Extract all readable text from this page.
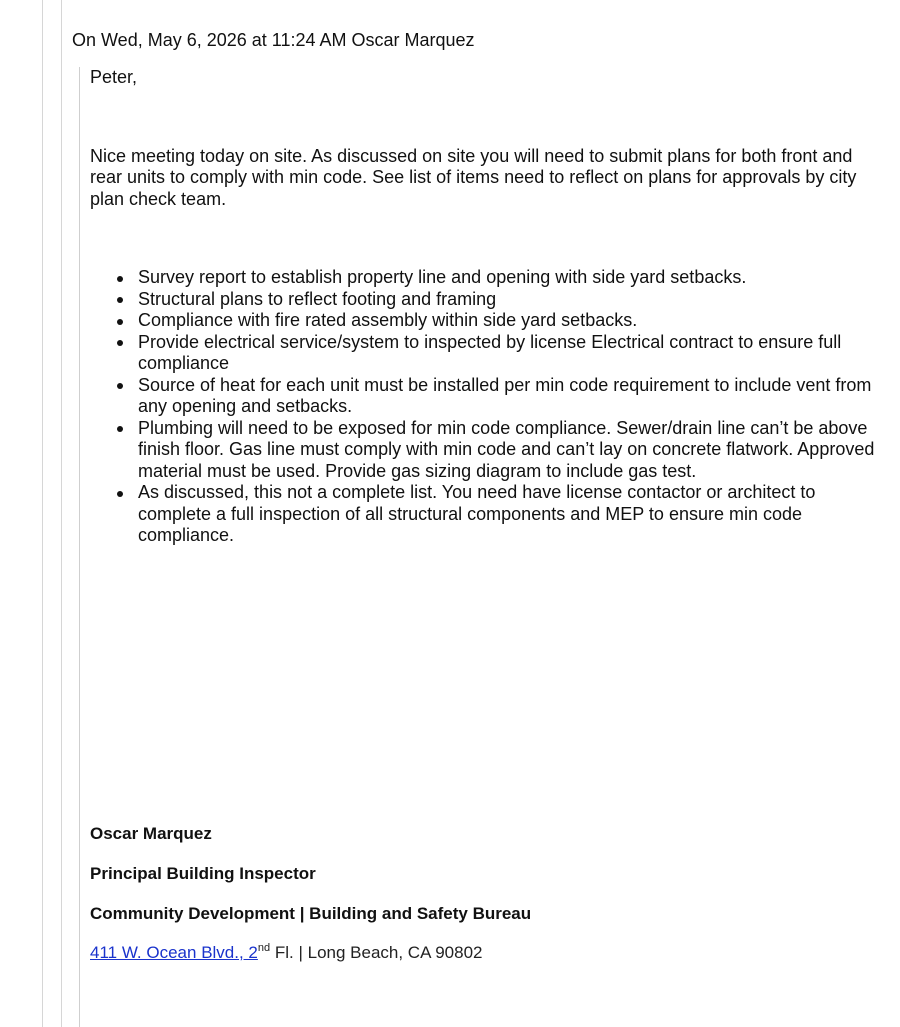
On Wed, May 6, 2026 at 11:24 AM Oscar Marquez

Peter,

Nice meeting today on site. As discussed on site you will need to submit plans for both front and rear units to comply with min code. See list of items need to reflect on plans for approvals by city plan check team.

Survey report to establish property line and opening with side yard setbacks.
Structural plans to reflect footing and framing
Compliance with fire rated assembly within side yard setbacks.
Provide electrical service/system to inspected by license Electrical contract to ensure full compliance
Source of heat for each unit must be installed per min code requirement to include vent from any opening and setbacks.
Plumbing will need to be exposed for min code compliance. Sewer/drain line can’t be above finish floor. Gas line must comply with min code and can’t lay on concrete flatwork. Approved material must be used. Provide gas sizing diagram to include gas test.
As discussed, this not a complete list. You need have license contactor or architect to complete a full inspection of all structural components and MEP to ensure min code compliance.
Oscar Marquez
Principal Building Inspector
Community Development | Building and Safety Bureau
411 W. Ocean Blvd., 2nd Fl. | Long Beach, CA 90802
